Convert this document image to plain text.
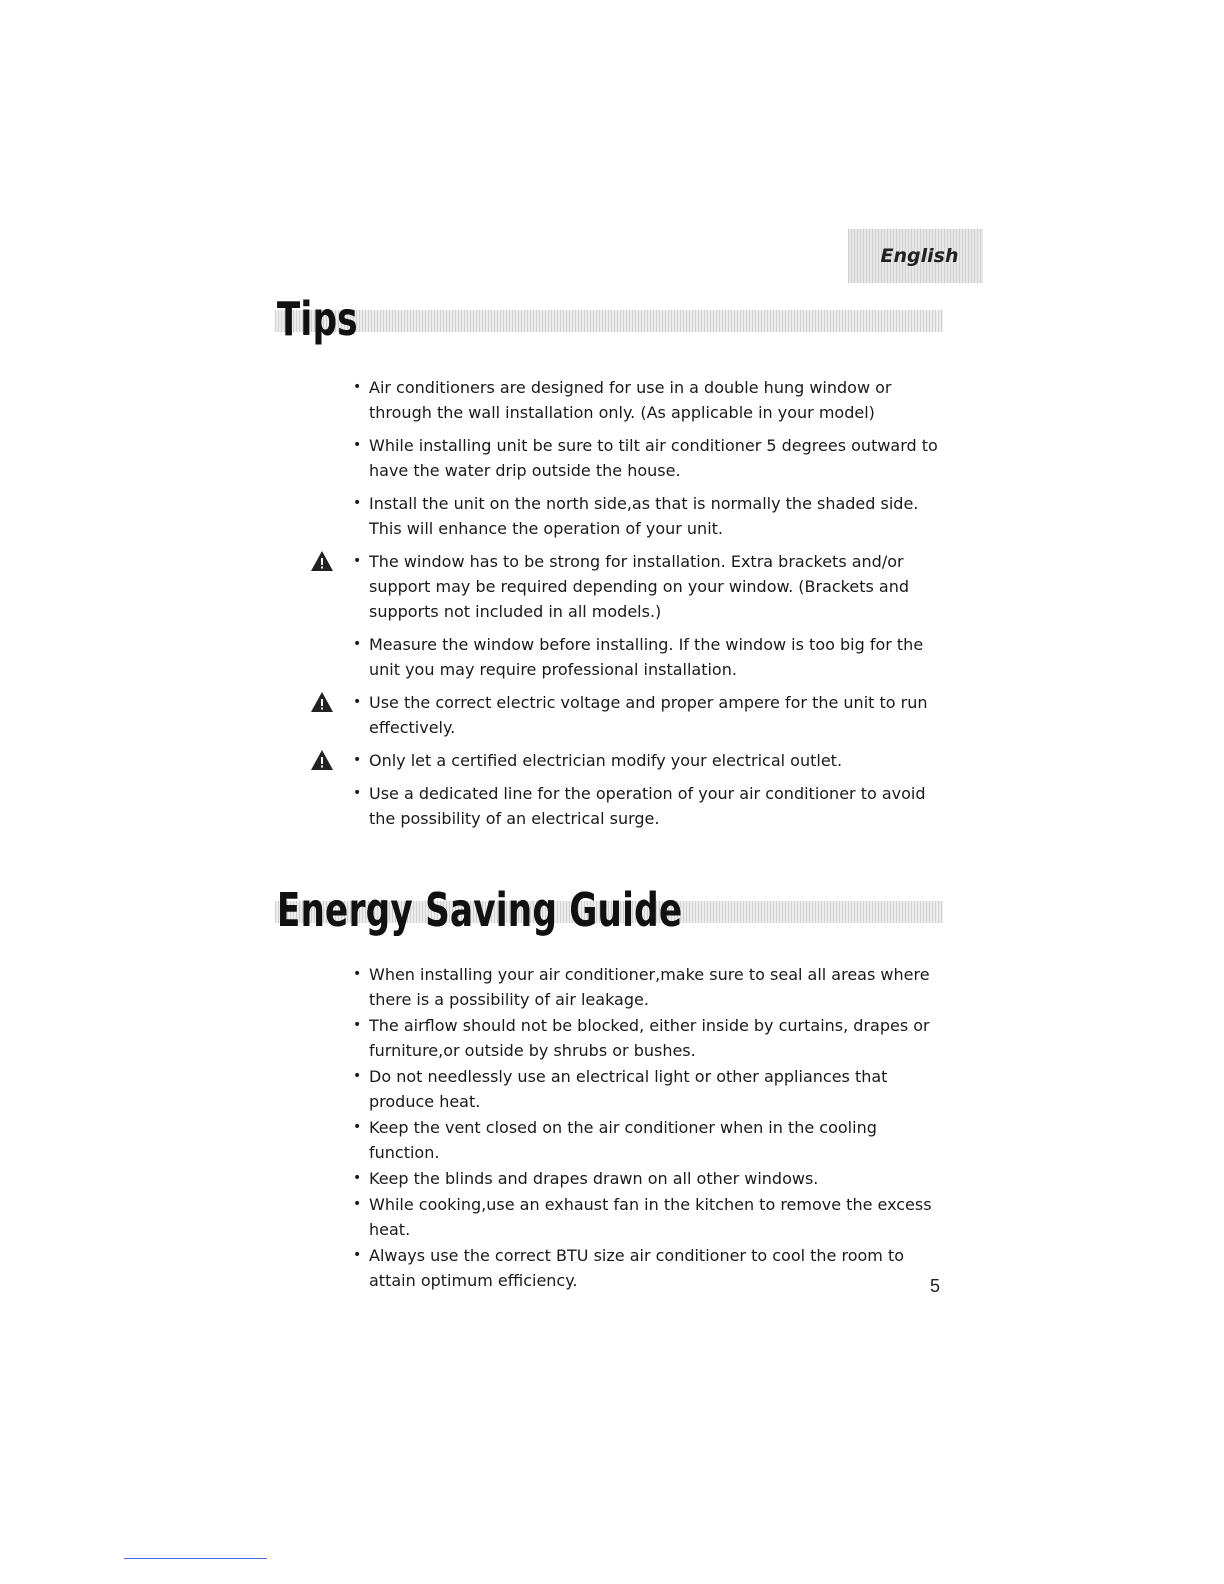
English
Tips
• Air conditioners are designed for use in a double hung window or through the wall installation only. (As applicable in your model)
• While installing unit be sure to tilt air conditioner 5 degrees outward to have the water drip outside the house.
• Install the unit on the north side,as that is normally the shaded side. This will enhance the operation of your unit.
• The window has to be strong for installation. Extra brackets and/or support may be required depending on your window. (Brackets and supports not included in all models.)
• Measure the window before installing. If the window is too big for the unit you may require professional installation.
• Use the correct electric voltage and proper ampere for the unit to run effectively.
• Only let a certified electrician modify your electrical outlet.
• Use a dedicated line for the operation of your air conditioner to avoid the possibility of an electrical surge.
Energy Saving Guide
• When installing your air conditioner,make sure to seal all areas where there is a possibility of air leakage.
• The airflow should not be blocked, either inside by curtains, drapes or furniture,or outside by shrubs or bushes.
• Do not needlessly use an electrical light or other appliances that produce heat.
• Keep the vent closed on the air conditioner when in the cooling function.
• Keep the blinds and drapes drawn on all other windows.
• While cooking,use an exhaust fan in the kitchen to remove the excess heat.
• Always use the correct BTU size air conditioner to cool the room to attain optimum efficiency.	5
